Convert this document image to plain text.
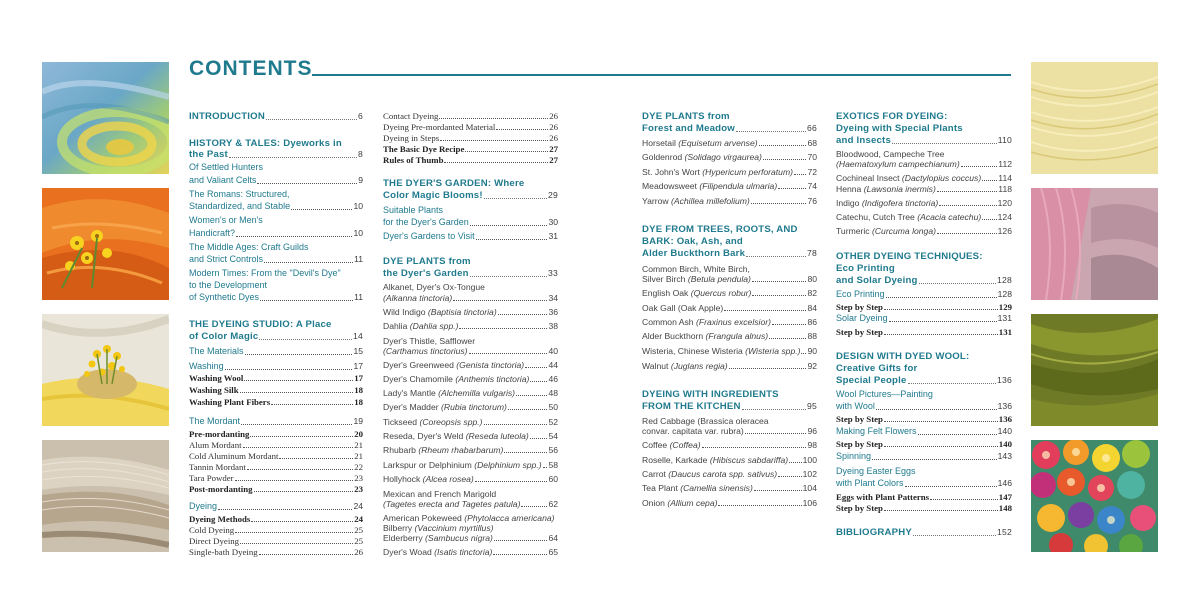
CONTENTS
INTRODUCTION	6
HISTORY & TALES: Dyeworks in
the Past	8
Of Settled Hunters
and Valiant Celts	9
The Romans: Structured,
Standardized, and Stable	10
Women's or Men's
Handicraft?	10
The Middle Ages: Craft Guilds
and Strict Controls	11
Modern Times: From the "Devil's Dye"
to the Development
of Synthetic Dyes	11
THE DYEING STUDIO: A Place
of Color Magic	14
The Materials	15
Washing	17
Washing Wool	17
Washing Silk	18
Washing Plant Fibers	18
The Mordant	19
Pre-mordanting	20
Alum Mordant	21
Cold Aluminum Mordant	21
Tannin Mordant	22
Tara Powder	23
Post-mordanting	23
Dyeing	24
Dyeing Methods	24
Cold Dyeing	25
Direct Dyeing	25
Single-bath Dyeing	26
Contact Dyeing	26
Dyeing Pre-mordanted Material	26
Dyeing in Steps	26
The Basic Dye Recipe	27
Rules of Thumb	27
THE DYER'S GARDEN: Where
Color Magic Blooms!	29
Suitable Plants
for the Dyer's Garden	30
Dyer's Gardens to Visit	31
DYE PLANTS from
the Dyer's Garden	33
Alkanet, Dyer's Ox-Tongue
(Alkanna tinctoria)	34
Wild Indigo (Baptisia tinctoria)	36
Dahlia (Dahlia spp.)	38
Dyer's Thistle, Safflower
(Carthamus tinctorius)	40
Dyer's Greenweed (Genista tinctoria)	44
Dyer's Chamomile (Anthemis tinctoria) 46
Lady's Mantle (Alchemilla vulgaris)	48
Dyer's Madder (Rubia tinctorum)	50
Tickseed (Coreopsis spp.)	52
Reseda, Dyer's Weld (Reseda luteola) 54
Rhubarb (Rheum rhabarbarum)	56
Larkspur or Delphinium (Delphinium spp.) 58
Hollyhock (Alcea rosea)	60
Mexican and French Marigold
(Tagetes erecta and Tagetes patula)	62
American Pokeweed (Phytolacca americana)
Bilberry (Vaccinium myrtillus)
Elderberry (Sambucus nigra)	64
Dyer's Woad (Isatis tinctoria)	65
DYE PLANTS from
Forest and Meadow	66
Horsetail (Equisetum arvense)	68
Goldenrod (Solidago virgaurea)	70
St. John's Wort (Hypericum perforatum) 72
Meadowsweet (Filipendula ulmaria)	74
Yarrow (Achillea millefolium)	76
DYE FROM TREES, ROOTS, AND
BARK: Oak, Ash, and
Alder Buckthorn Bark	78
Common Birch, White Birch,
Silver Birch (Betula pendula)	80
English Oak (Quercus robur)	82
Oak Gall (Oak Apple)	84
Common Ash (Fraxinus excelsior)	86
Alder Buckthorn (Frangula alnus)	88
Wisteria, Chinese Wisteria (Wisteria spp.) 90
Walnut (Juglans regia)	92
DYEING WITH INGREDIENTS
FROM THE KITCHEN	95
Red Cabbage (Brassica oleracea
convar. capitata var. rubra)	96
Coffee (Coffea)	98
Roselle, Karkade (Hibiscus sabdariffa) 100
Carrot (Daucus carota spp. sativus)	102
Tea Plant (Camellia sinensis)	104
Onion (Allium cepa)	106
EXOTICS FOR DYEING:
Dyeing with Special Plants
and Insects	110
Bloodwood, Campeche Tree
(Haematoxylum campechianum)	112
Cochineal Insect (Dactylopius coccus) 114
Henna (Lawsonia inermis)	118
Indigo (Indigofera tinctoria)	120
Catechu, Cutch Tree (Acacia catechu) 124
Turmeric (Curcuma longa)	126
OTHER DYEING TECHNIQUES:
Eco Printing
and Solar Dyeing	128
Eco Printing	128
Step by Step	129
Solar Dyeing	131
Step by Step	131
DESIGN WITH DYED WOOL:
Creative Gifts for
Special People	136
Wool Pictures—Painting
with Wool	136
Step by Step	136
Making Felt Flowers	140
Step by Step	140
Spinning	143
Dyeing Easter Eggs
with Plant Colors	146
Eggs with Plant Patterns	147
Step by Step	148
BIBLIOGRAPHY	152
